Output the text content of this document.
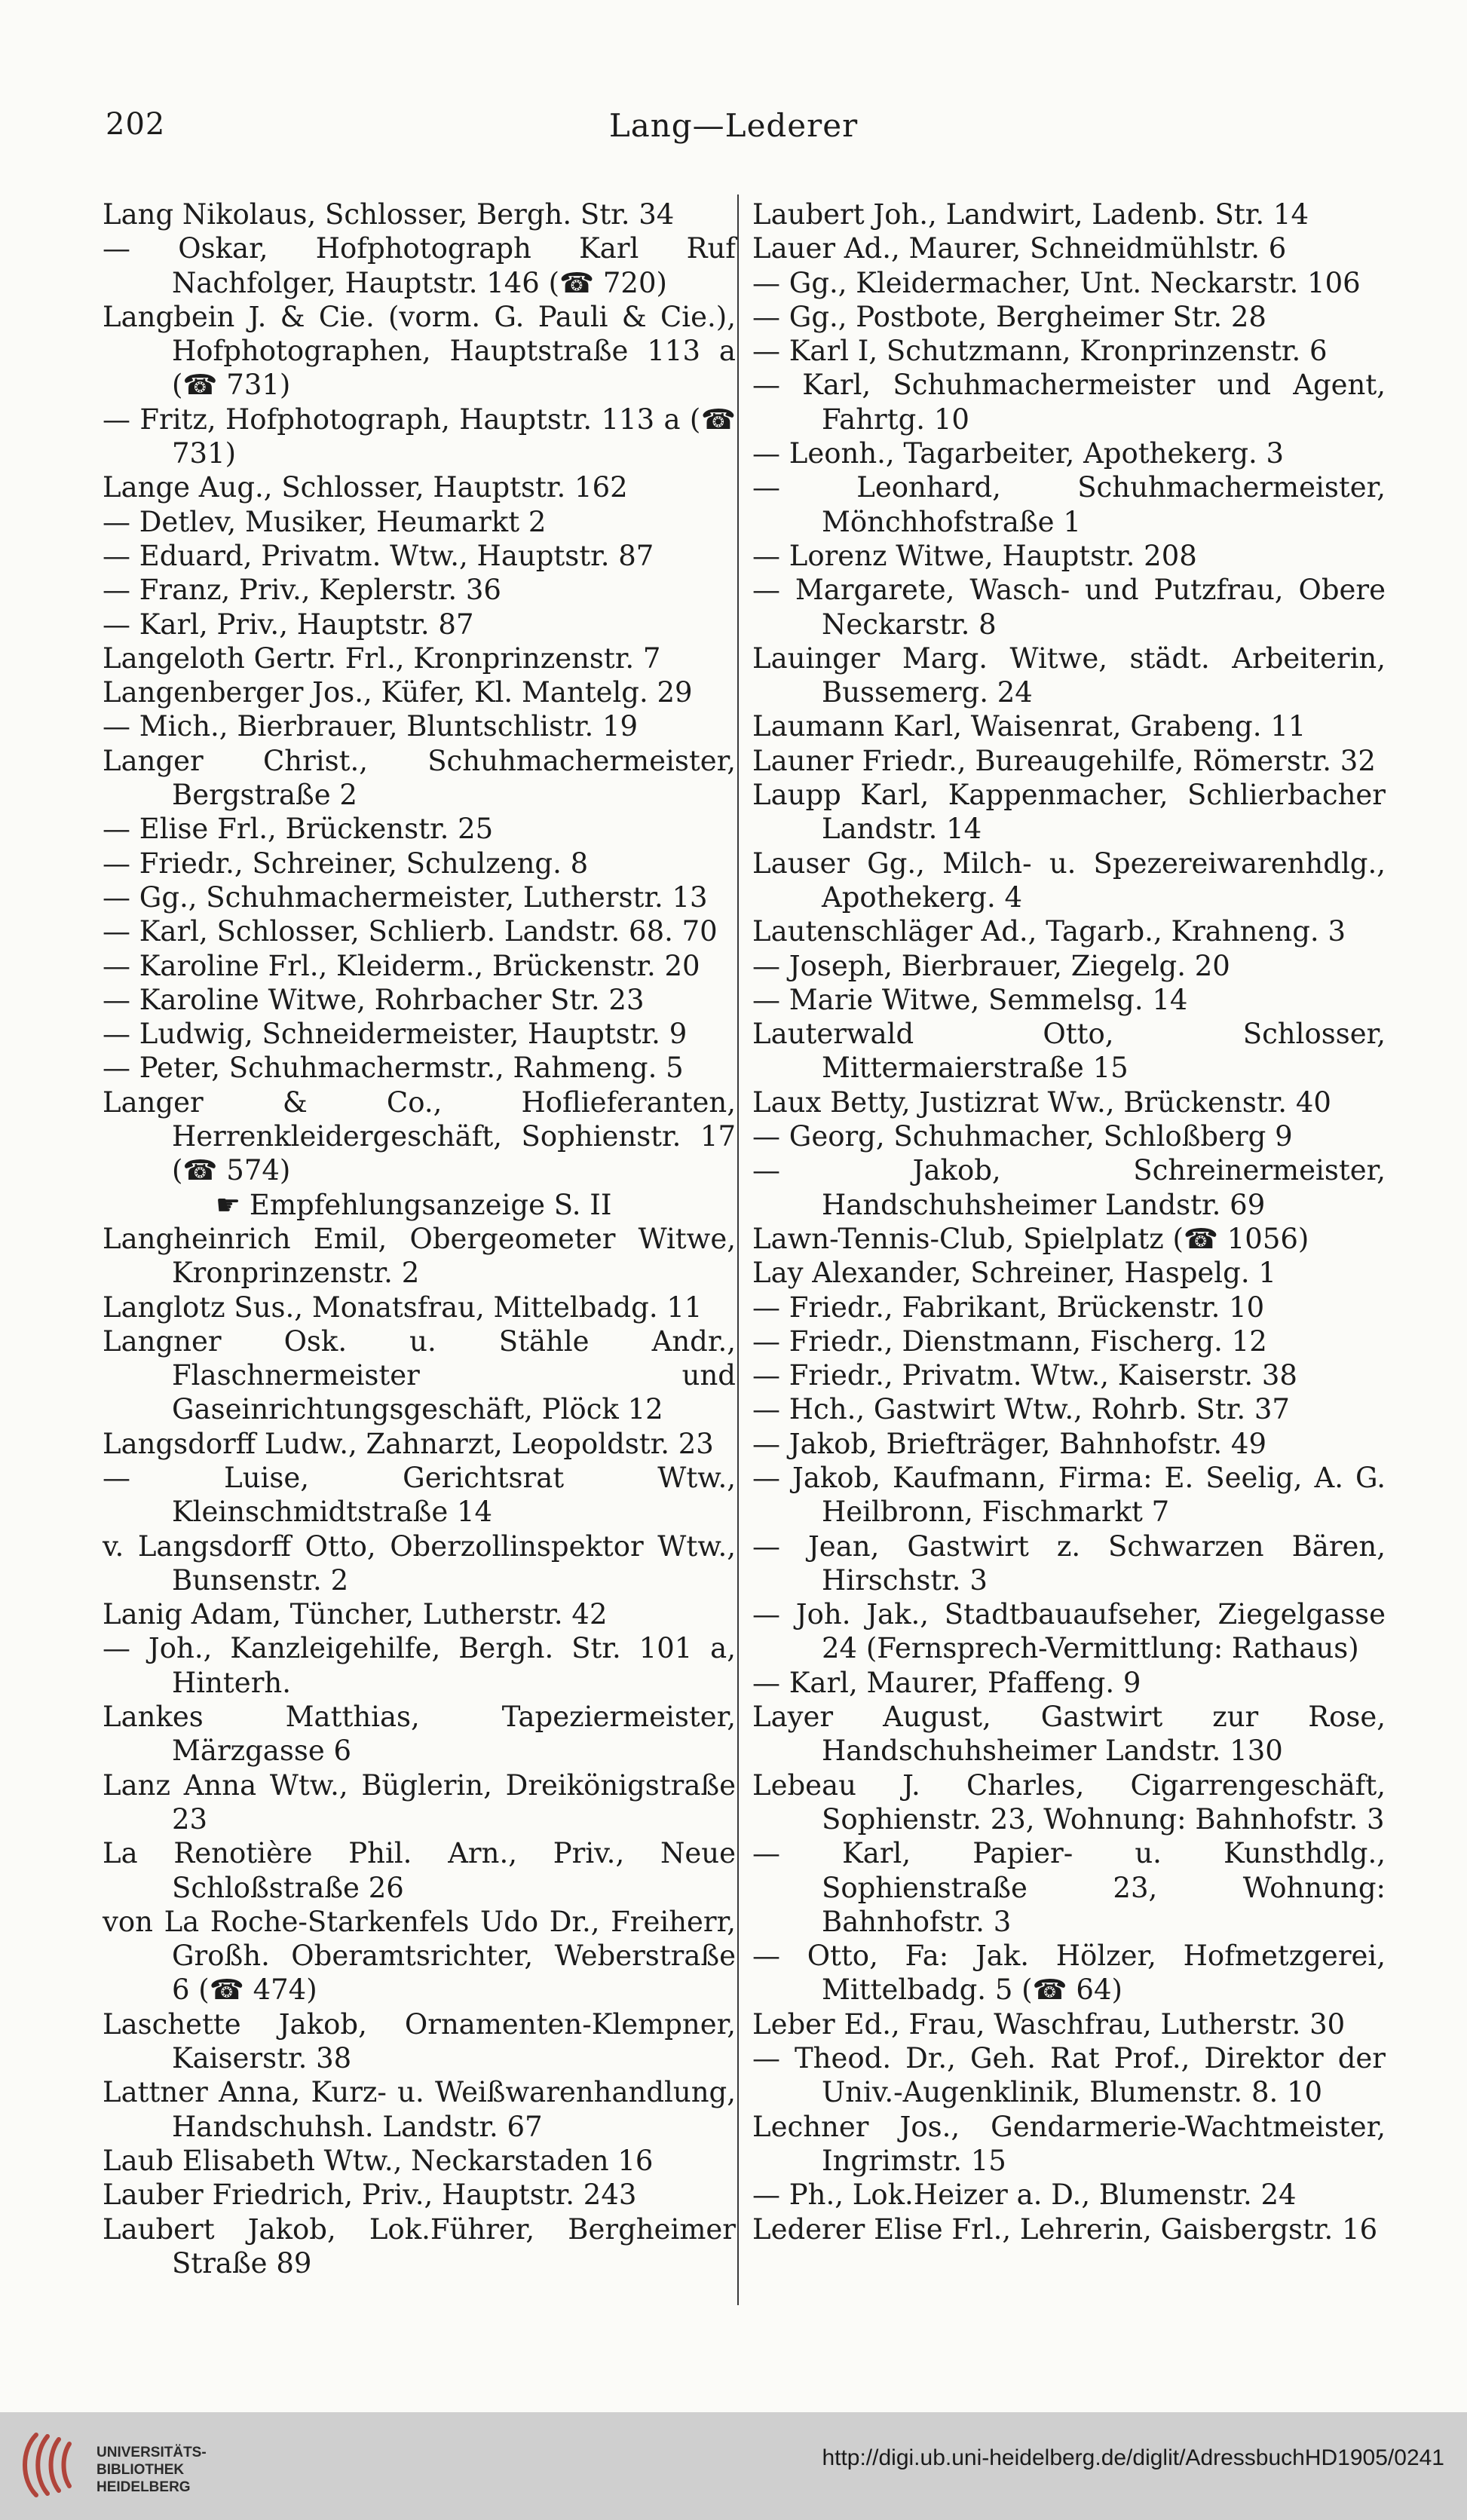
202	Lang—Lederer
Lang Nikolaus, Schlosser, Bergh. Str. 34
— Oskar, Hofphotograph Karl Ruf Nachfolger, Hauptstr. 146 (☎ 720)
Langbein J. & Cie. (vorm. G. Pauli & Cie.), Hofphotographen, Hauptstraße 113 a (☎ 731)
— Fritz, Hofphotograph, Hauptstr. 113 a (☎ 731)
Lange Aug., Schlosser, Hauptstr. 162
— Detlev, Musiker, Heumarkt 2
— Eduard, Privatm. Wtw., Hauptstr. 87
— Franz, Priv., Keplerstr. 36
— Karl, Priv., Hauptstr. 87
Langeloth Gertr. Frl., Kronprinzenstr. 7
Langenberger Jos., Küfer, Kl. Mantelg. 29
— Mich., Bierbrauer, Bluntschlistr. 19
Langer Christ., Schuhmachermeister, Bergstraße 2
— Elise Frl., Brückenstr. 25
— Friedr., Schreiner, Schulzeng. 8
— Gg., Schuhmachermeister, Lutherstr. 13
— Karl, Schlosser, Schlierb. Landstr. 68. 70
— Karoline Frl., Kleiderm., Brückenstr. 20
— Karoline Witwe, Rohrbacher Str. 23
— Ludwig, Schneidermeister, Hauptstr. 9
— Peter, Schuhmachermstr., Rahmeng. 5
Langer & Co., Hoflieferanten, Herrenkleidergeschäft, Sophienstr. 17 (☎ 574)
☛ Empfehlungsanzeige S. II
Langheinrich Emil, Obergeometer Witwe, Kronprinzenstr. 2
Langlotz Sus., Monatsfrau, Mittelbadg. 11
Langner Osk. u. Stähle Andr., Flaschnermeister und Gaseinrichtungsgeschäft, Plöck 12
Langsdorff Ludw., Zahnarzt, Leopoldstr. 23
— Luise, Gerichtsrat Wtw., Kleinschmidtstraße 14
v. Langsdorff Otto, Oberzollinspektor Wtw., Bunsenstr. 2
Lanig Adam, Tüncher, Lutherstr. 42
— Joh., Kanzleigehilfe, Bergh. Str. 101 a, Hinterh.
Lankes Matthias, Tapeziermeister, Märzgasse 6
Lanz Anna Wtw., Büglerin, Dreikönigstraße 23
La Renotière Phil. Arn., Priv., Neue Schloßstraße 26
von La Roche-Starkenfels Udo Dr., Freiherr, Großh. Oberamtsrichter, Weberstraße 6 (☎ 474)
Laschette Jakob, Ornamenten-Klempner, Kaiserstr. 38
Lattner Anna, Kurz- u. Weißwarenhandlung, Handschuhsh. Landstr. 67
Laub Elisabeth Wtw., Neckarstaden 16
Lauber Friedrich, Priv., Hauptstr. 243
Laubert Jakob, Lok.Führer, Bergheimer Straße 89
Laubert Joh., Landwirt, Ladenb. Str. 14
Lauer Ad., Maurer, Schneidmühlstr. 6
— Gg., Kleidermacher, Unt. Neckarstr. 106
— Gg., Postbote, Bergheimer Str. 28
— Karl I, Schutzmann, Kronprinzenstr. 6
— Karl, Schuhmachermeister und Agent, Fahrtg. 10
— Leonh., Tagarbeiter, Apothekerg. 3
— Leonhard, Schuhmachermeister, Mönchhofstraße 1
— Lorenz Witwe, Hauptstr. 208
— Margarete, Wasch- und Putzfrau, Obere Neckarstr. 8
Lauinger Marg. Witwe, städt. Arbeiterin, Bussemerg. 24
Laumann Karl, Waisenrat, Grabeng. 11
Launer Friedr., Bureaugehilfe, Römerstr. 32
Laupp Karl, Kappenmacher, Schlierbacher Landstr. 14
Lauser Gg., Milch- u. Spezereiwarenhdlg., Apothekerg. 4
Lautenschläger Ad., Tagarb., Krahneng. 3
— Joseph, Bierbrauer, Ziegelg. 20
— Marie Witwe, Semmelsg. 14
Lauterwald Otto, Schlosser, Mittermaierstraße 15
Laux Betty, Justizrat Ww., Brückenstr. 40
— Georg, Schuhmacher, Schloßberg 9
— Jakob, Schreinermeister, Handschuhsheimer Landstr. 69
Lawn-Tennis-Club, Spielplatz (☎ 1056)
Lay Alexander, Schreiner, Haspelg. 1
— Friedr., Fabrikant, Brückenstr. 10
— Friedr., Dienstmann, Fischerg. 12
— Friedr., Privatm. Wtw., Kaiserstr. 38
— Hch., Gastwirt Wtw., Rohrb. Str. 37
— Jakob, Briefträger, Bahnhofstr. 49
— Jakob, Kaufmann, Firma: E. Seelig, A. G. Heilbronn, Fischmarkt 7
— Jean, Gastwirt z. Schwarzen Bären, Hirschstr. 3
— Joh. Jak., Stadtbauaufseher, Ziegelgasse 24 (Fernsprech-Vermittlung: Rathaus)
— Karl, Maurer, Pfaffeng. 9
Layer August, Gastwirt zur Rose, Handschuhsheimer Landstr. 130
Lebeau J. Charles, Cigarrengeschäft, Sophienstr. 23, Wohnung: Bahnhofstr. 3
— Karl, Papier- u. Kunsthdlg., Sophienstraße 23, Wohnung: Bahnhofstr. 3
— Otto, Fa: Jak. Hölzer, Hofmetzgerei, Mittelbadg. 5 (☎ 64)
Leber Ed., Frau, Waschfrau, Lutherstr. 30
— Theod. Dr., Geh. Rat Prof., Direktor der Univ.-Augenklinik, Blumenstr. 8. 10
Lechner Jos., Gendarmerie-Wachtmeister, Ingrimstr. 15
— Ph., Lok.Heizer a. D., Blumenstr. 24
Lederer Elise Frl., Lehrerin, Gaisbergstr. 16
UNIVERSITÄTS-
BIBLIOTHEK
HEIDELBERG
http://digi.ub.uni-heidelberg.de/diglit/AdressbuchHD1905/0241
